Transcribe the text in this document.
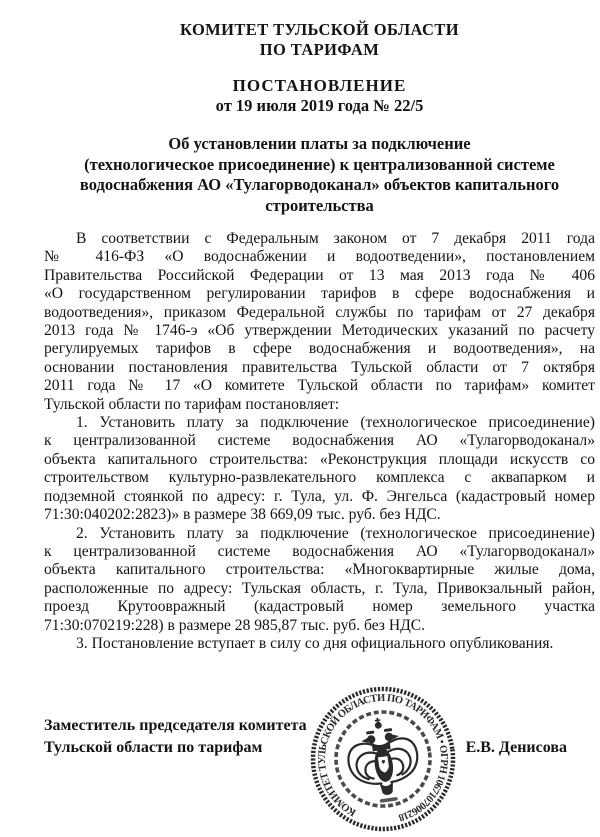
КОМИТЕТ ТУЛЬСКОЙ ОБЛАСТИ
ПО ТАРИФАМ
ПОСТАНОВЛЕНИЕ
от 19 июля 2019 года № 22/5
Об установлении платы за подключение
(технологическое присоединение) к централизованной системе
водоснабжения АО «Тулагорводоканал» объектов капитального
строительства
В соответствии с Федеральным законом от 7 декабря 2011 года
№ 416-ФЗ «О водоснабжении и водоотведении», постановлением
Правительства Российской Федерации от 13 мая 2013 года № 406
«О государственном регулировании тарифов в сфере водоснабжения и
водоотведения», приказом Федеральной службы по тарифам от 27 декабря
2013 года № 1746-э «Об утверждении Методических указаний по расчету
регулируемых тарифов в сфере водоснабжения и водоотведения», на
основании постановления правительства Тульской области от 7 октября
2011 года № 17 «О комитете Тульской области по тарифам» комитет
Тульской области по тарифам постановляет:
1. Установить плату за подключение (технологическое присоединение)
к централизованной системе водоснабжения АО «Тулагорводоканал»
объекта капитального строительства: «Реконструкция площади искусств со
строительством культурно-развлекательного комплекса с аквапарком и
подземной стоянкой по адресу: г. Тула, ул. Ф. Энгельса (кадастровый номер
71:30:040202:2823)» в размере 38 669,09 тыс. руб. без НДС.
2. Установить плату за подключение (технологическое присоединение)
к централизованной системе водоснабжения АО «Тулагорводоканал»
объекта капитального строительства: «Многоквартирные жилые дома,
расположенные по адресу: Тульская область, г. Тула, Привокзальный район,
проезд Крутоовражный (кадастровый номер земельного участка
71:30:070219:228) в размере 28 985,87 тыс. руб. без НДС.
3. Постановление вступает в силу со дня официального опубликования.
Заместитель председателя комитета
Тульской области по тарифам	Е.В. Денисова
КОМИТЕТ ТУЛЬСКОЙ ОБЛАСТИ ПО ТАРИФАМ • ОГРН 1067107006218
